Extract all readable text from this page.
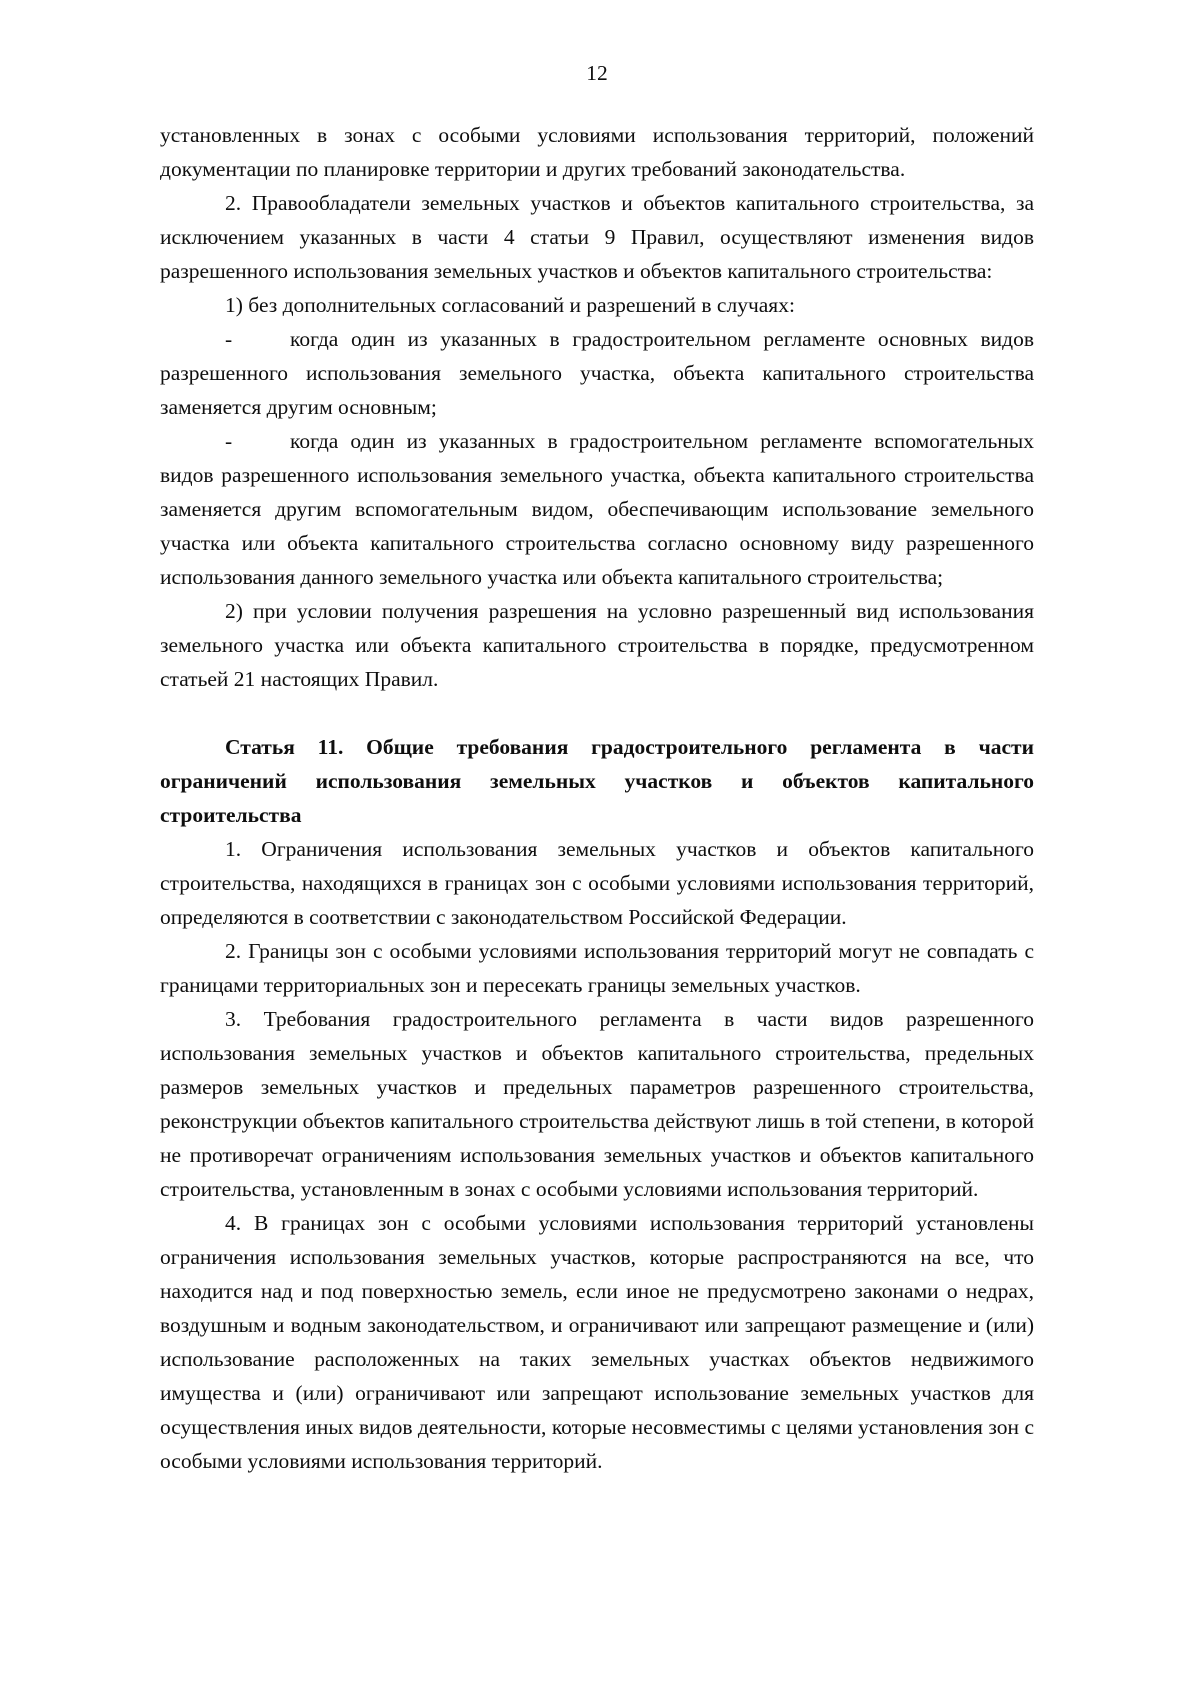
12

установленных в зонах с особыми условиями использования территорий, положений документации по планировке территории и других требований законодательства.

2. Правообладатели земельных участков и объектов капитального строительства, за исключением указанных в части 4 статьи 9 Правил, осуществляют изменения видов разрешенного использования земельных участков и объектов капитального строительства:

1) без дополнительных согласований и разрешений в случаях:

-	когда один из указанных в градостроительном регламенте основных видов разрешенного использования земельного участка, объекта капитального строительства заменяется другим основным;

-	когда один из указанных в градостроительном регламенте вспомогательных видов разрешенного использования земельного участка, объекта капитального строительства заменяется другим вспомогательным видом, обеспечивающим использование земельного участка или объекта капитального строительства согласно основному виду разрешенного использования данного земельного участка или объекта капитального строительства;

2) при условии получения разрешения на условно разрешенный вид использования земельного участка или объекта капитального строительства в порядке, предусмотренном статьей 21 настоящих Правил.

Статья 11. Общие требования градостроительного регламента в части ограничений использования земельных участков и объектов капитального строительства

1. Ограничения использования земельных участков и объектов капитального строительства, находящихся в границах зон с особыми условиями использования территорий, определяются в соответствии с законодательством Российской Федерации.

2. Границы зон с особыми условиями использования территорий могут не совпадать с границами территориальных зон и пересекать границы земельных участков.

3. Требования градостроительного регламента в части видов разрешенного использования земельных участков и объектов капитального строительства, предельных размеров земельных участков и предельных параметров разрешенного строительства, реконструкции объектов капитального строительства действуют лишь в той степени, в которой не противоречат ограничениям использования земельных участков и объектов капитального строительства, установленным в зонах с особыми условиями использования территорий.

4. В границах зон с особыми условиями использования территорий установлены ограничения использования земельных участков, которые распространяются на все, что находится над и под поверхностью земель, если иное не предусмотрено законами о недрах, воздушным и водным законодательством, и ограничивают или запрещают размещение и (или) использование расположенных на таких земельных участках объектов недвижимого имущества и (или) ограничивают или запрещают использование земельных участков для осуществления иных видов деятельности, которые несовместимы с целями установления зон с особыми условиями использования территорий.
